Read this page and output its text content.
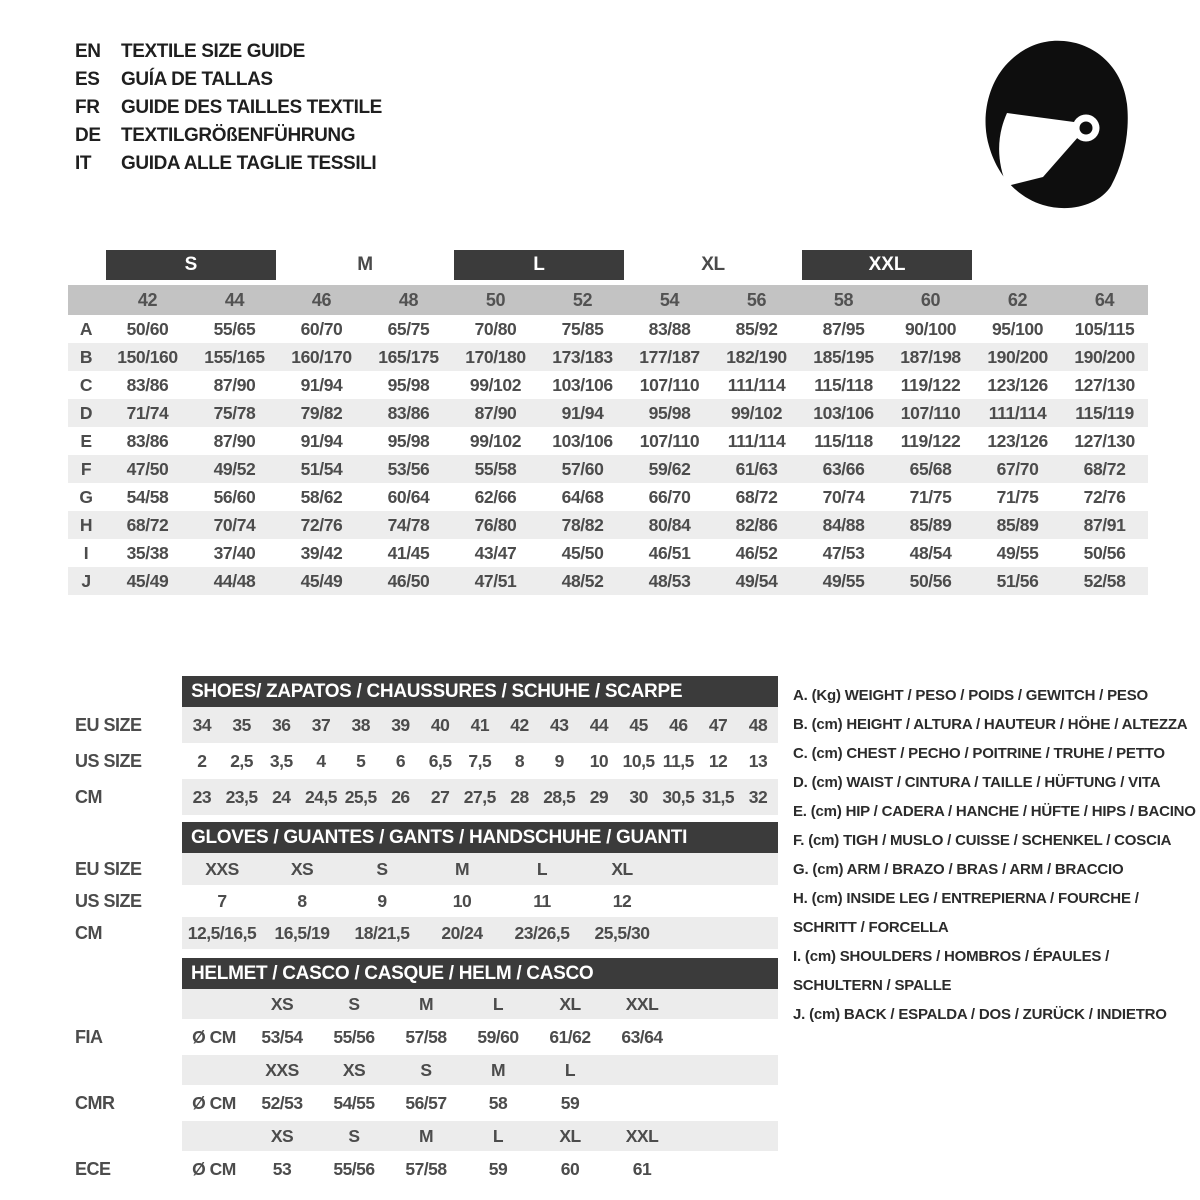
EN	TEXTILE SIZE GUIDE
ES	GUÍA DE TALLAS
FR	GUIDE DES TAILLES TEXTILE
DE	TEXTILGRÖßENFÜHRUNG
IT	GUIDA ALLE TAGLIE TESSILI

	S		M		L		XL		XXL			

	42	44	46	48	50	52	54	56	58	60	62	64
A	50/60	55/65	60/70	65/75	70/80	75/85	83/88	85/92	87/95	90/100	95/100	105/115
B	150/160	155/165	160/170	165/175	170/180	173/183	177/187	182/190	185/195	187/198	190/200	190/200
C	83/86	87/90	91/94	95/98	99/102	103/106	107/110	111/114	115/118	119/122	123/126	127/130
D	71/74	75/78	79/82	83/86	87/90	91/94	95/98	99/102	103/106	107/110	111/114	115/119
E	83/86	87/90	91/94	95/98	99/102	103/106	107/110	111/114	115/118	119/122	123/126	127/130
F	47/50	49/52	51/54	53/56	55/58	57/60	59/62	61/63	63/66	65/68	67/70	68/72
G	54/58	56/60	58/62	60/64	62/66	64/68	66/70	68/72	70/74	71/75	71/75	72/76
H	68/72	70/74	72/76	74/78	76/80	78/82	80/84	82/86	84/88	85/89	85/89	87/91
I	35/38	37/40	39/42	41/45	43/47	45/50	46/51	46/52	47/53	48/54	49/55	50/56
J	45/49	44/48	45/49	46/50	47/51	48/52	48/53	49/54	49/55	50/56	51/56	52/58
	SHOES/ ZAPATOS / CHAUSSURES / SCHUHE / SCARPE														
EU SIZE	34	35	36	37	38	39	40	41	42	43	44	45	46	47	48
US SIZE	2	2,5	3,5	4	5	6	6,5	7,5	8	9	10	10,5	11,5	12	13
CM	23	23,5	24	24,5	25,5	26	27	27,5	28	28,5	29	30	30,5	31,5	32
	GLOVES / GUANTES / GANTS / HANDSCHUHE / GUANTI						
EU SIZE	XXS	XS	S	M	L	XL	
US SIZE	7	8	9	10	11	12	
CM	12,5/16,5	16,5/19	18/21,5	20/24	23/26,5	25,5/30	
	HELMET / CASCO / CASQUE / HELM / CASCO							
		XS	S	M	L	XL	XXL	
FIA	Ø CM	53/54	55/56	57/58	59/60	61/62	63/64	
		XXS	XS	S	M	L		
CMR	Ø CM	52/53	54/55	56/57	58	59		
		XS	S	M	L	XL	XXL	
ECE	Ø CM	53	55/56	57/58	59	60	61	
A. (Kg) WEIGHT / PESO / POIDS / GEWITCH / PESO
B. (cm) HEIGHT / ALTURA / HAUTEUR / HÖHE / ALTEZZA
C. (cm) CHEST / PECHO / POITRINE / TRUHE / PETTO
D. (cm) WAIST / CINTURA / TAILLE / HÜFTUNG / VITA
E. (cm) HIP / CADERA / HANCHE / HÜFTE / HIPS / BACINO
F. (cm) TIGH / MUSLO / CUISSE / SCHENKEL / COSCIA
G. (cm) ARM / BRAZO / BRAS / ARM / BRACCIO
H. (cm) INSIDE LEG / ENTREPIERNA / FOURCHE / SCHRITT / FORCELLA
I. (cm) SHOULDERS / HOMBROS / ÉPAULES / SCHULTERN / SPALLE
J. (cm) BACK / ESPALDA / DOS / ZURÜCK / INDIETRO
